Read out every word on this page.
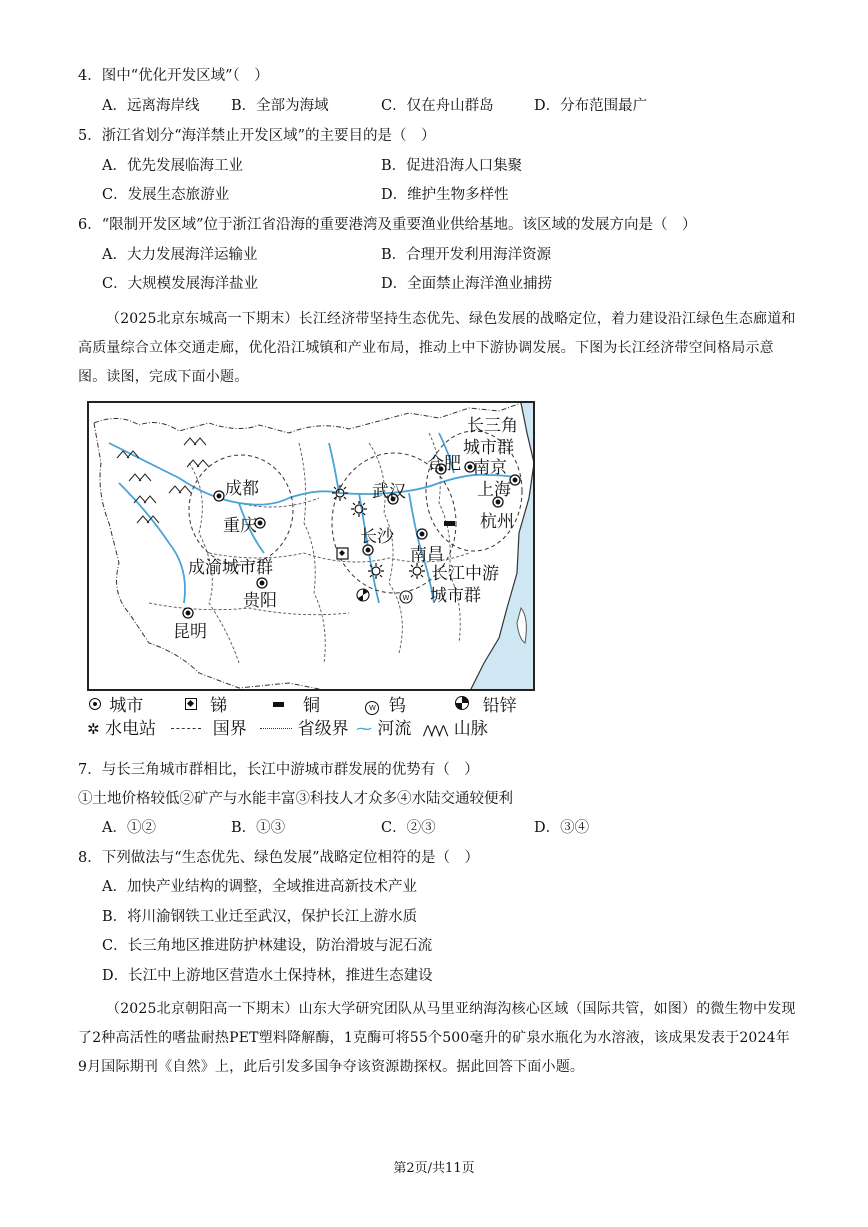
4．图中“优化开发区域”（　）
A．远离海岸线 B．全部为海域	C．仅在舟山群岛	D．分布范围最广
5．浙江省划分“海洋禁止开发区域”的主要目的是（　）
A．优先发展临海工业	B．促进沿海人口集聚
C．发展生态旅游业	D．维护生物多样性
6．“限制开发区域”位于浙江省沿海的重要港湾及重要渔业供给基地。该区域的发展方向是（　）
A．大力发展海洋运输业	B．合理开发利用海洋资源
C．大规模发展海洋盐业	D．全面禁止海洋渔业捕捞
（2025北京东城高一下期末）长江经济带坚持生态优先、绿色发展的战略定位，着力建设沿江绿色生态廊道和高质量综合立体交通走廊，优化沿江城镇和产业布局，推动上中下游协调发展。下图为长江经济带空间格局示意图。读图，完成下面小题。
W
长三角
城市群
合肥 南京
上海
杭州
成都
重庆
武汉
长沙
南昌
成渝城市群
贵阳
昆明
长江中游
城市群
城市	锑	铜	W 钨	铅锌
✲ 水电站	国界	省级界 ⁓ 河流 ⋀⋀⋀ 山脉
7．与长三角城市群相比，长江中游城市群发展的优势有（　）
①土地价格较低②矿产与水能丰富③科技人才众多④水陆交通较便利
A．①②	B．①③	C．②③	D．③④
8．下列做法与“生态优先、绿色发展”战略定位相符的是（　）
A．加快产业结构的调整，全域推进高新技术产业
B．将川渝钢铁工业迁至武汉，保护长江上游水质
C．长三角地区推进防护林建设，防治滑坡与泥石流
D．长江中上游地区营造水土保持林，推进生态建设
（2025北京朝阳高一下期末）山东大学研究团队从马里亚纳海沟核心区域（国际共管，如图）的微生物中发现了2种高活性的嗜盐耐热PET塑料降解酶，1克酶可将55个500毫升的矿泉水瓶化为水溶液，该成果发表于2024年9月国际期刊《自然》上，此后引发多国争夺该资源勘探权。据此回答下面小题。
第2页/共11页
